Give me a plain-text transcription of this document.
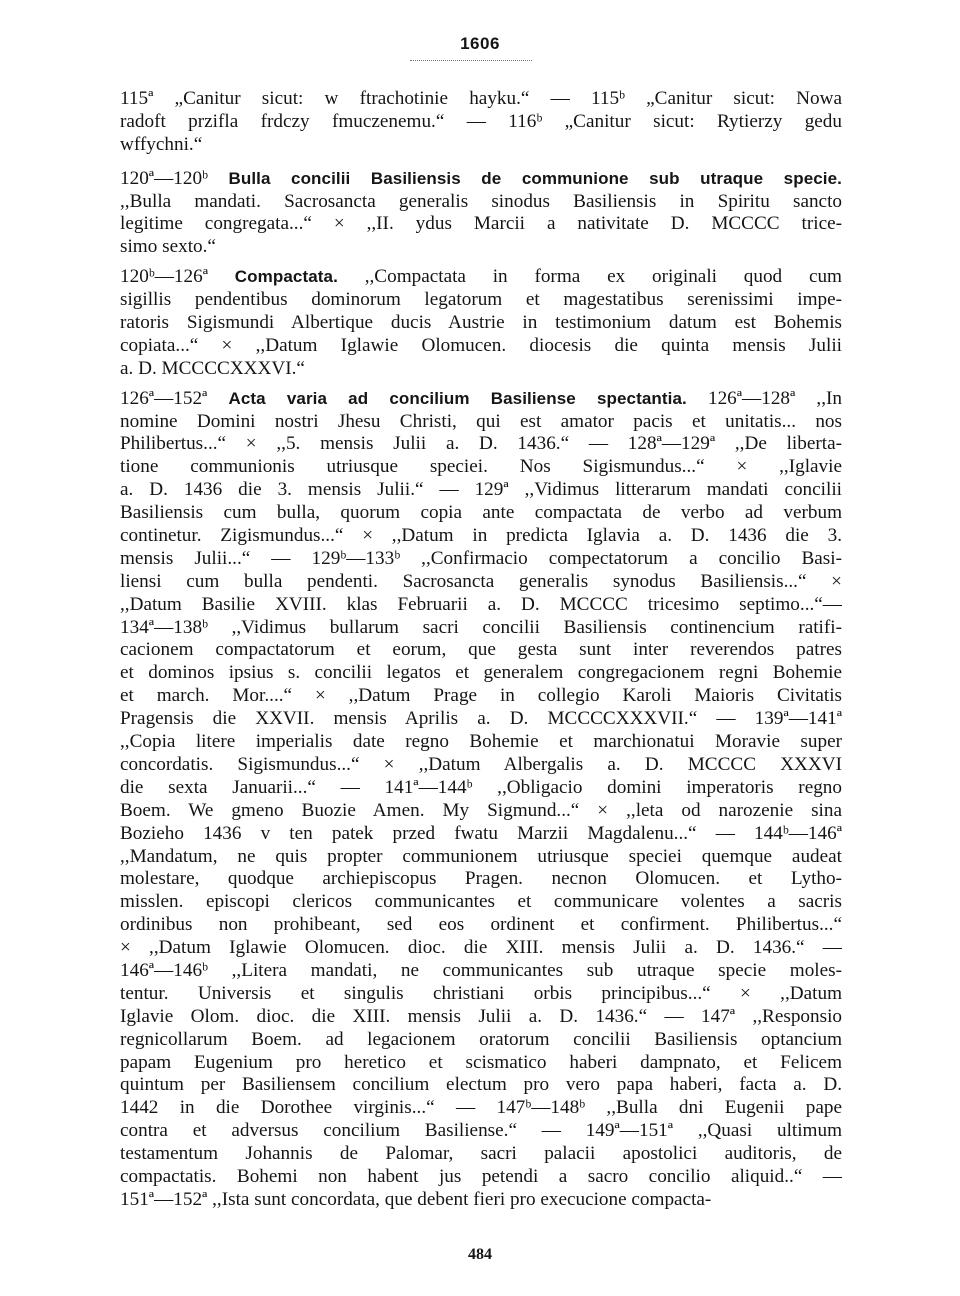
1606
115ª „Canitur sicut: w ftrachotinie hayku.“ — 115ᵇ „Canitur sicut: Nowa
radoft przifla frdczy fmuczenemu.“ — 116ᵇ „Canitur sicut: Rytierzy gedu
wffychni.“
120ª—120ᵇ Bulla concilii Basiliensis de communione sub utraque specie.
,,Bulla mandati. Sacrosancta generalis sinodus Basiliensis in Spiritu sancto
legitime congregata...“ × ,,II. ydus Marcii a nativitate D. MCCCC trice-
simo sexto.“
120ᵇ—126ª Compactata. ,,Compactata in forma ex originali quod cum
sigillis pendentibus dominorum legatorum et magestatibus serenissimi impe-
ratoris Sigismundi Albertique ducis Austrie in testimonium datum est Bohemis
copiata...“ × ,,Datum Iglawie Olomucen. diocesis die quinta mensis Julii
a. D. MCCCCXXXVI.“
126ª—152ª Acta varia ad concilium Basiliense spectantia. 126ª—128ª ,,In
nomine Domini nostri Jhesu Christi, qui est amator pacis et unitatis... nos
Philibertus...“ × ,,5. mensis Julii a. D. 1436.“ — 128ª—129ª ,,De liberta-
tione communionis utriusque speciei. Nos Sigismundus...“ × ,,Iglavie
a. D. 1436 die 3. mensis Julii.“ — 129ª ,,Vidimus litterarum mandati concilii
Basiliensis cum bulla, quorum copia ante compactata de verbo ad verbum
continetur. Zigismundus...“ × ,,Datum in predicta Iglavia a. D. 1436 die 3.
mensis Julii...“ — 129ᵇ—133ᵇ ,,Confirmacio compectatorum a concilio Basi-
liensi cum bulla pendenti. Sacrosancta generalis synodus Basiliensis...“ ×
,,Datum Basilie XVIII. klas Februarii a. D. MCCCC tricesimo septimo...“—
134ª—138ᵇ ,,Vidimus bullarum sacri concilii Basiliensis continencium ratifi-
cacionem compactatorum et eorum, que gesta sunt inter reverendos patres
et dominos ipsius s. concilii legatos et generalem congregacionem regni Bohemie
et march. Mor....“ × ,,Datum Prage in collegio Karoli Maioris Civitatis
Pragensis die XXVII. mensis Aprilis a. D. MCCCCXXXVII.“ — 139ª—141ª
,,Copia litere imperialis date regno Bohemie et marchionatui Moravie super
concordatis. Sigismundus...“ × ,,Datum Albergalis a. D. MCCCC XXXVI
die sexta Januarii...“ — 141ª—144ᵇ ,,Obligacio domini imperatoris regno
Boem. We gmeno Buozie Amen. My Sigmund...“ × ,,leta od narozenie sina
Bozieho 1436 v ten patek przed fwatu Marzii Magdalenu...“ — 144ᵇ—146ª
,,Mandatum, ne quis propter communionem utriusque speciei quemque audeat
molestare, quodque archiepiscopus Pragen. necnon Olomucen. et Lytho-
misslen. episcopi clericos communicantes et communicare volentes a sacris
ordinibus non prohibeant, sed eos ordinent et confirment. Philibertus...“
× ,,Datum Iglawie Olomucen. dioc. die XIII. mensis Julii a. D. 1436.“ —
146ª—146ᵇ ,,Litera mandati, ne communicantes sub utraque specie moles-
tentur. Universis et singulis christiani orbis principibus...“ × ,,Datum
Iglavie Olom. dioc. die XIII. mensis Julii a. D. 1436.“ — 147ª ,,Responsio
regnicollarum Boem. ad legacionem oratorum concilii Basiliensis optancium
papam Eugenium pro heretico et scismatico haberi dampnato, et Felicem
quintum per Basiliensem concilium electum pro vero papa haberi, facta a. D.
1442 in die Dorothee virginis...“ — 147ᵇ—148ᵇ ,,Bulla dni Eugenii pape
contra et adversus concilium Basiliense.“ — 149ª—151ª ,,Quasi ultimum
testamentum Johannis de Palomar, sacri palacii apostolici auditoris, de
compactatis. Bohemi non habent jus petendi a sacro concilio aliquid..“ —
151ª—152ª ,,Ista sunt concordata, que debent fieri pro execucione compacta-
484
